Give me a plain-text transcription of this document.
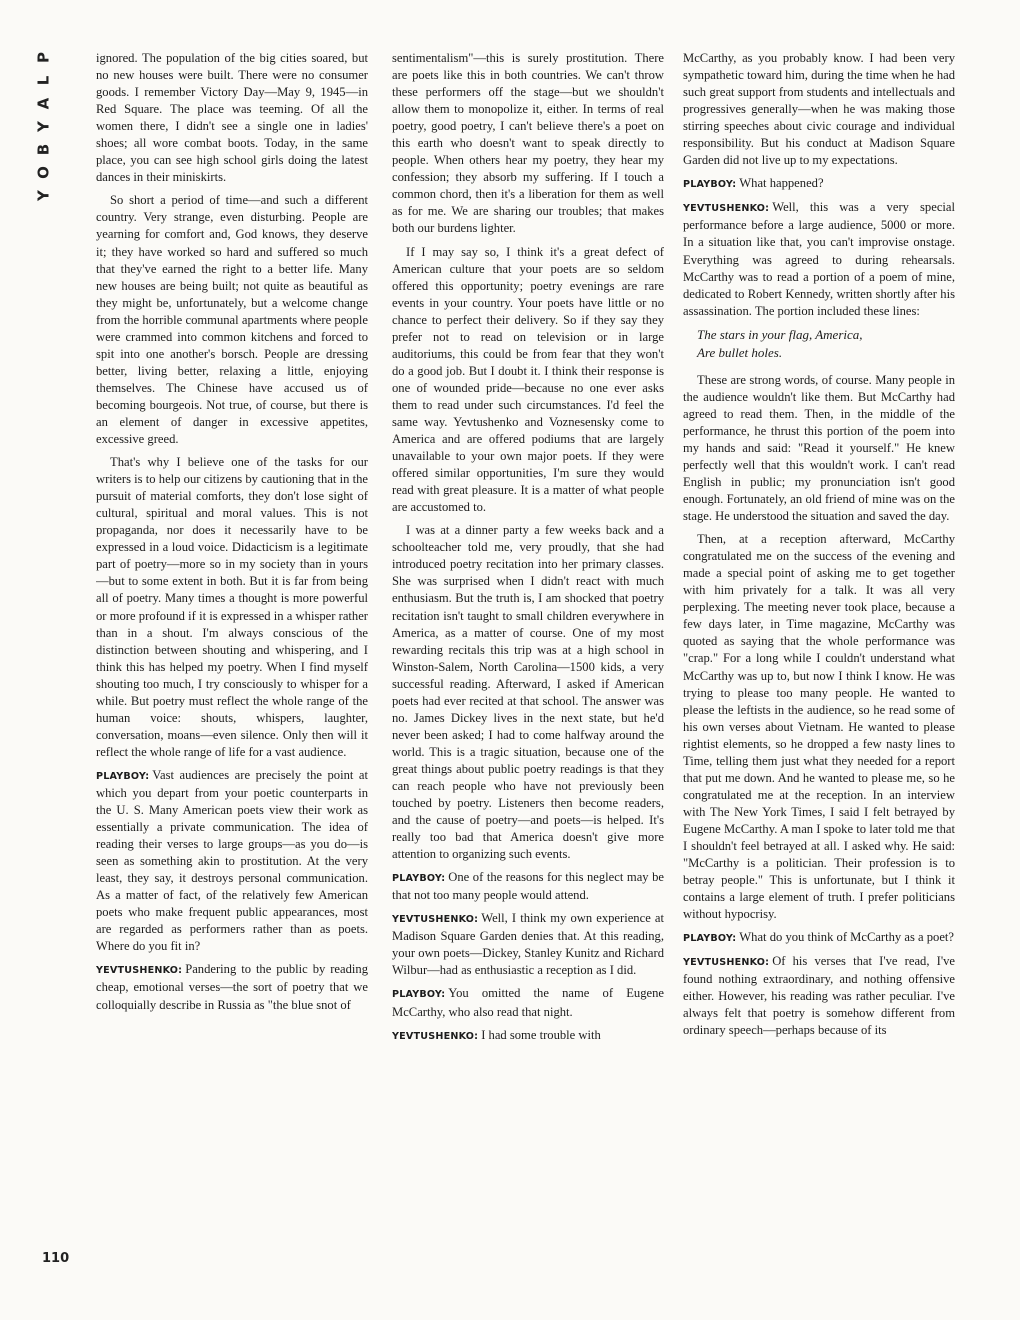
P
L
A
Y
B
O
Y
110

ignored. The population of the big cities soared, but no new houses were built. There were no consumer goods. I remember Victory Day—May 9, 1945—in Red Square. The place was teeming. Of all the women there, I didn't see a single one in ladies' shoes; all wore combat boots. Today, in the same place, you can see high school girls doing the latest dances in their miniskirts.

So short a period of time—and such a different country. Very strange, even disturbing. People are yearning for comfort and, God knows, they deserve it; they have worked so hard and suffered so much that they've earned the right to a better life. Many new houses are being built; not quite as beautiful as they might be, unfortunately, but a welcome change from the horrible communal apartments where people were crammed into common kitchens and forced to spit into one another's borsch. People are dressing better, living better, relaxing a little, enjoying themselves. The Chinese have accused us of becoming bourgeois. Not true, of course, but there is an element of danger in excessive appetites, excessive greed.

That's why I believe one of the tasks for our writers is to help our citizens by cautioning that in the pursuit of material comforts, they don't lose sight of cultural, spiritual and moral values. This is not propaganda, nor does it necessarily have to be expressed in a loud voice. Didacticism is a legitimate part of poetry—more so in my society than in yours—but to some extent in both. But it is far from being all of poetry. Many times a thought is more powerful or more profound if it is expressed in a whisper rather than in a shout. I'm always conscious of the distinction between shouting and whispering, and I think this has helped my poetry. When I find myself shouting too much, I try consciously to whisper for a while. But poetry must reflect the whole range of the human voice: shouts, whispers, laughter, conversation, moans—even silence. Only then will it reflect the whole range of life for a vast audience.

PLAYBOY: Vast audiences are precisely the point at which you depart from your poetic counterparts in the U. S. Many American poets view their work as essentially a private communication. The idea of reading their verses to large groups—as you do—is seen as something akin to prostitution. At the very least, they say, it destroys personal communication. As a matter of fact, of the relatively few American poets who make frequent public appearances, most are regarded as performers rather than as poets. Where do you fit in?

YEVTUSHENKO: Pandering to the public by reading cheap, emotional verses—the sort of poetry that we colloquially describe in Russia as "the blue snot of

sentimentalism"—this is surely prostitution. There are poets like this in both countries. We can't throw these performers off the stage—but we shouldn't allow them to monopolize it, either. In terms of real poetry, good poetry, I can't believe there's a poet on this earth who doesn't want to speak directly to people. When others hear my poetry, they hear my confession; they absorb my suffering. If I touch a common chord, then it's a liberation for them as well as for me. We are sharing our troubles; that makes both our burdens lighter.

If I may say so, I think it's a great defect of American culture that your poets are so seldom offered this opportunity; poetry evenings are rare events in your country. Your poets have little or no chance to perfect their delivery. So if they say they prefer not to read on television or in large auditoriums, this could be from fear that they won't do a good job. But I doubt it. I think their response is one of wounded pride—because no one ever asks them to read under such circumstances. I'd feel the same way. Yevtushenko and Voznesensky come to America and are offered podiums that are largely unavailable to your own major poets. If they were offered similar opportunities, I'm sure they would read with great pleasure. It is a matter of what people are accustomed to.

I was at a dinner party a few weeks back and a schoolteacher told me, very proudly, that she had introduced poetry recitation into her primary classes. She was surprised when I didn't react with much enthusiasm. But the truth is, I am shocked that poetry recitation isn't taught to small children everywhere in America, as a matter of course. One of my most rewarding recitals this trip was at a high school in Winston-Salem, North Carolina—1500 kids, a very successful reading. Afterward, I asked if American poets had ever recited at that school. The answer was no. James Dickey lives in the next state, but he'd never been asked; I had to come halfway around the world. This is a tragic situation, because one of the great things about public poetry readings is that they can reach people who have not previously been touched by poetry. Listeners then become readers, and the cause of poetry—and poets—is helped. It's really too bad that America doesn't give more attention to organizing such events.

PLAYBOY: One of the reasons for this neglect may be that not too many people would attend.

YEVTUSHENKO: Well, I think my own experience at Madison Square Garden denies that. At this reading, your own poets—Dickey, Stanley Kunitz and Richard Wilbur—had as enthusiastic a reception as I did.

PLAYBOY: You omitted the name of Eugene McCarthy, who also read that night.

YEVTUSHENKO: I had some trouble with

McCarthy, as you probably know. I had been very sympathetic toward him, during the time when he had such great support from students and intellectuals and progressives generally—when he was making those stirring speeches about civic courage and individual responsibility. But his conduct at Madison Square Garden did not live up to my expectations.

PLAYBOY: What happened?

YEVTUSHENKO: Well, this was a very special performance before a large audience, 5000 or more. In a situation like that, you can't improvise onstage. Everything was agreed to during rehearsals. McCarthy was to read a portion of a poem of mine, dedicated to Robert Kennedy, written shortly after his assassination. The portion included these lines:

The stars in your flag, America,
Are bullet holes.

These are strong words, of course. Many people in the audience wouldn't like them. But McCarthy had agreed to read them. Then, in the middle of the performance, he thrust this portion of the poem into my hands and said: "Read it yourself." He knew perfectly well that this wouldn't work. I can't read English in public; my pronunciation isn't good enough. Fortunately, an old friend of mine was on the stage. He understood the situation and saved the day.

Then, at a reception afterward, McCarthy congratulated me on the success of the evening and made a special point of asking me to get together with him privately for a talk. It was all very perplexing. The meeting never took place, because a few days later, in Time magazine, McCarthy was quoted as saying that the whole performance was "crap." For a long while I couldn't understand what McCarthy was up to, but now I think I know. He was trying to please too many people. He wanted to please the leftists in the audience, so he read some of his own verses about Vietnam. He wanted to please rightist elements, so he dropped a few nasty lines to Time, telling them just what they needed for a report that put me down. And he wanted to please me, so he congratulated me at the reception. In an interview with The New York Times, I said I felt betrayed by Eugene McCarthy. A man I spoke to later told me that I shouldn't feel betrayed at all. I asked why. He said: "McCarthy is a politician. Their profession is to betray people." This is unfortunate, but I think it contains a large element of truth. I prefer politicians without hypocrisy.

PLAYBOY: What do you think of McCarthy as a poet?

YEVTUSHENKO: Of his verses that I've read, I've found nothing extraordinary, and nothing offensive either. However, his reading was rather peculiar. I've always felt that poetry is somehow different from ordinary speech—perhaps because of its
